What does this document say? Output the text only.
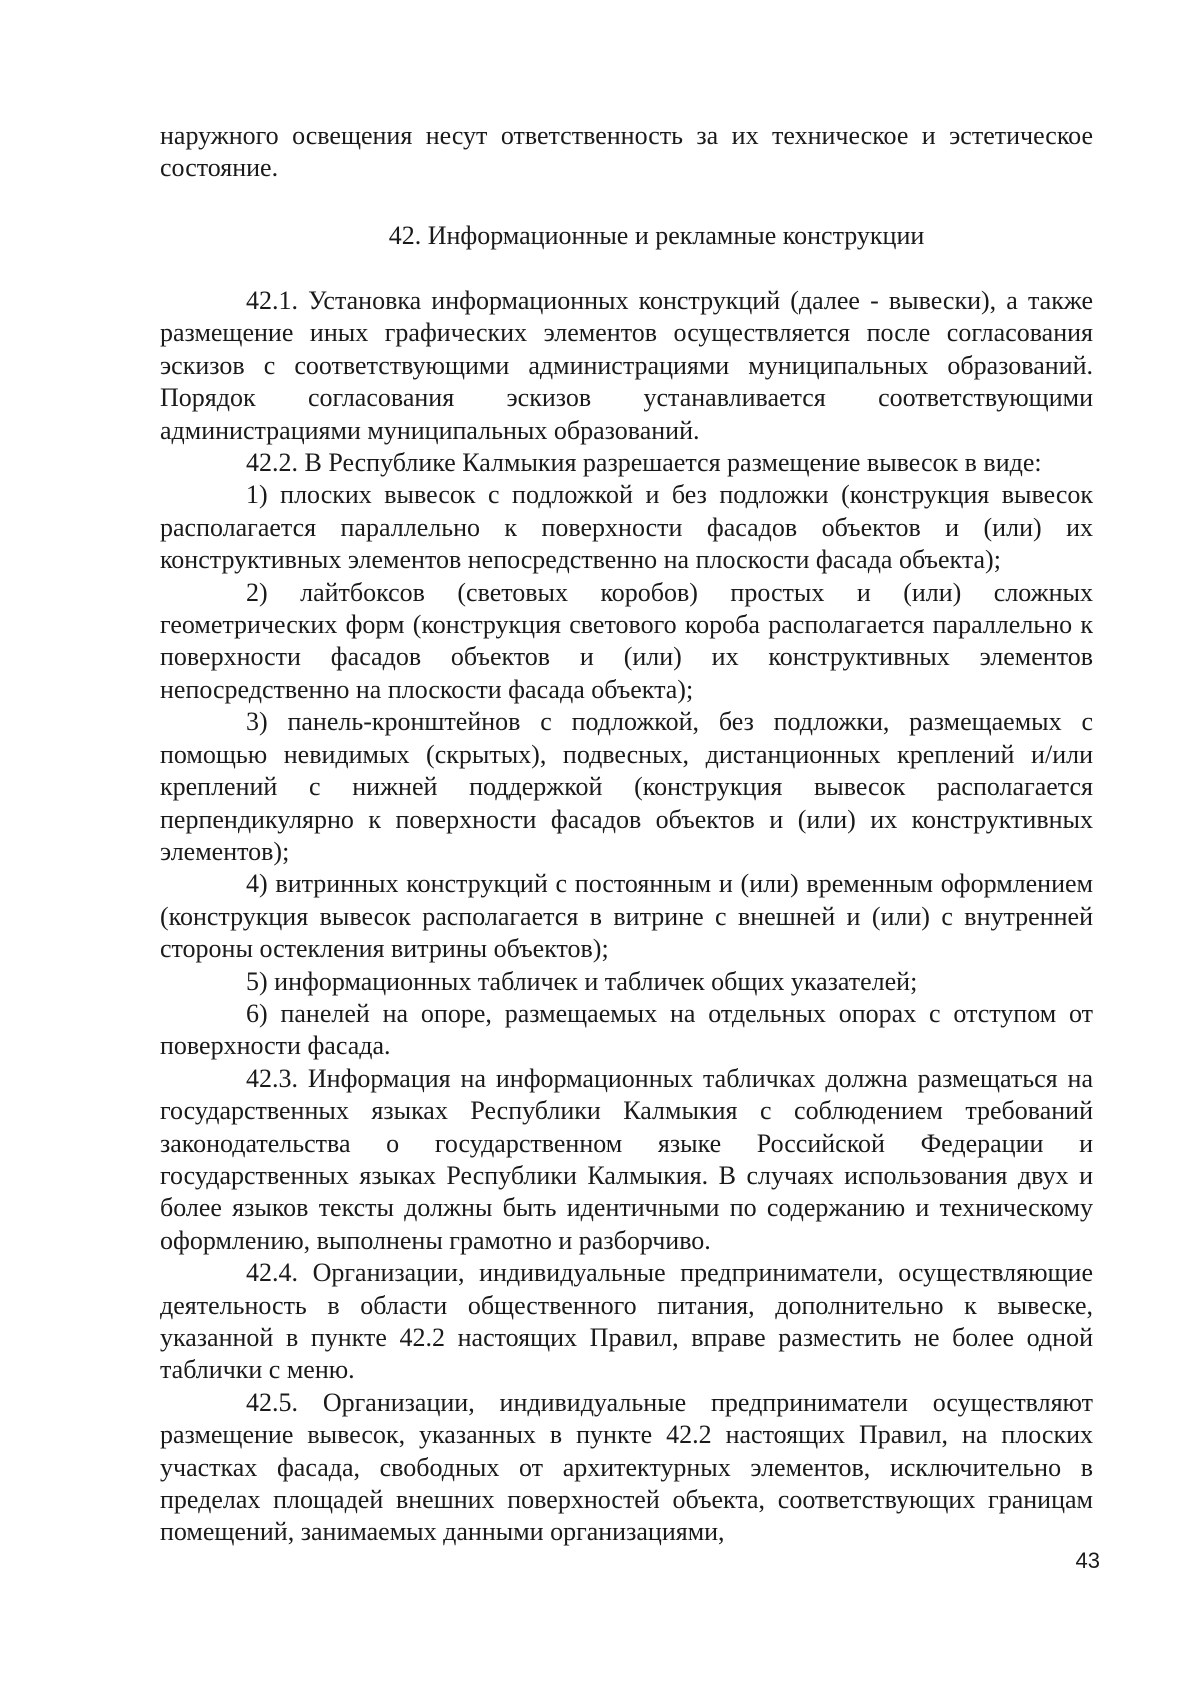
наружного освещения несут ответственность за их техническое и эстетическое состояние.

42. Информационные и рекламные конструкции

42.1. Установка информационных конструкций (далее - вывески), а также размещение иных графических элементов осуществляется после согласования эскизов с соответствующими администрациями муниципальных образований. Порядок согласования эскизов устанавливается соответствующими администрациями муниципальных образований.

42.2. В Республике Калмыкия разрешается размещение вывесок в виде:

1) плоских вывесок с подложкой и без подложки (конструкция вывесок располагается параллельно к поверхности фасадов объектов и (или) их конструктивных элементов непосредственно на плоскости фасада объекта);

2) лайтбоксов (световых коробов) простых и (или) сложных геометрических форм (конструкция светового короба располагается параллельно к поверхности фасадов объектов и (или) их конструктивных элементов непосредственно на плоскости фасада объекта);

3) панель-кронштейнов с подложкой, без подложки, размещаемых с помощью невидимых (скрытых), подвесных, дистанционных креплений и/или креплений с нижней поддержкой (конструкция вывесок располагается перпендикулярно к поверхности фасадов объектов и (или) их конструктивных элементов);

4) витринных конструкций с постоянным и (или) временным оформлением (конструкция вывесок располагается в витрине с внешней и (или) с внутренней стороны остекления витрины объектов);

5) информационных табличек и табличек общих указателей;

6) панелей на опоре, размещаемых на отдельных опорах с отступом от поверхности фасада.

42.3. Информация на информационных табличках должна размещаться на государственных языках Республики Калмыкия с соблюдением требований законодательства о государственном языке Российской Федерации и государственных языках Республики Калмыкия. В случаях использования двух и более языков тексты должны быть идентичными по содержанию и техническому оформлению, выполнены грамотно и разборчиво.

42.4. Организации, индивидуальные предприниматели, осуществляющие деятельность в области общественного питания, дополнительно к вывеске, указанной в пункте 42.2 настоящих Правил, вправе разместить не более одной таблички с меню.

42.5. Организации, индивидуальные предприниматели осуществляют размещение вывесок, указанных в пункте 42.2 настоящих Правил, на плоских участках фасада, свободных от архитектурных элементов, исключительно в пределах площадей внешних поверхностей объекта, соответствующих границам помещений, занимаемых данными организациями,

43
